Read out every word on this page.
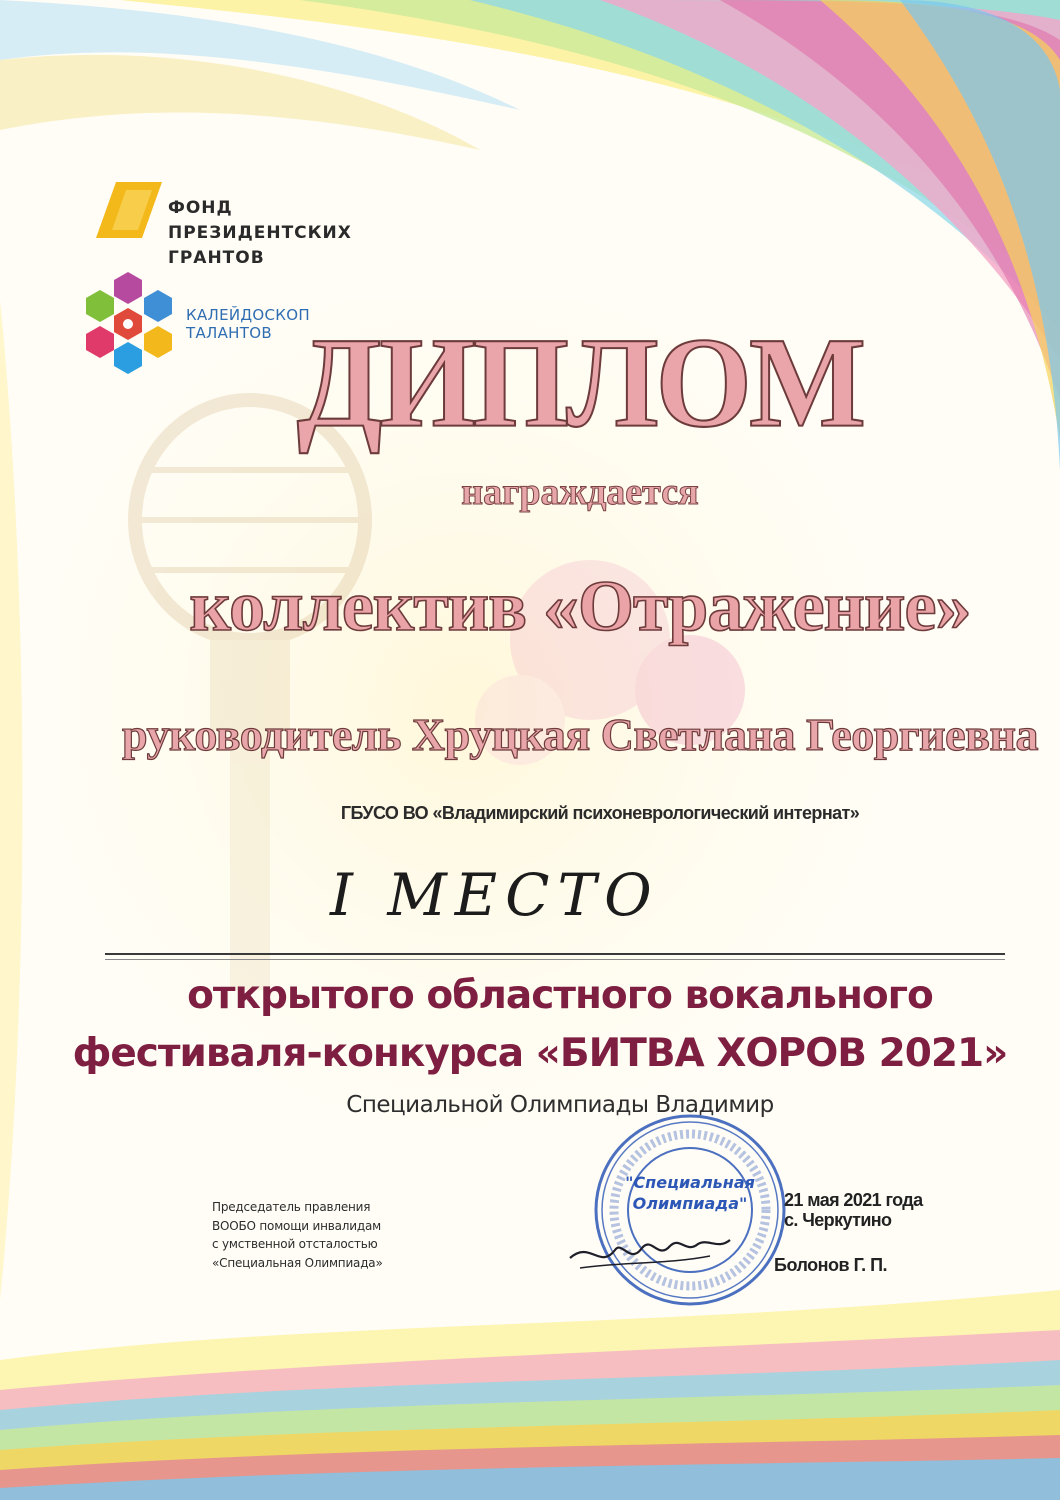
ФОНД
ПРЕЗИДЕНТСКИХ
ГРАНТОВ
КАЛЕЙДОСКОП
ТАЛАНТОВ ДИПЛОМ
награждается
коллектив «Отражение»
руководитель Хруцкая Светлана Георгиевна
ГБУСО ВО «Владимирский психоневрологический интернат»
I МЕСТО
открытого областного вокального
фестиваля-конкурса «БИТВА ХОРОВ 2021»
Специальной Олимпиады Владимир
Председатель правления
ВООБО помощи инвалидам
с умственной отсталостью
«Специальная Олимпиада»
"Специальная
Олимпиада"	21 мая 2021 года
с. Черкутино
Болонов Г. П.
